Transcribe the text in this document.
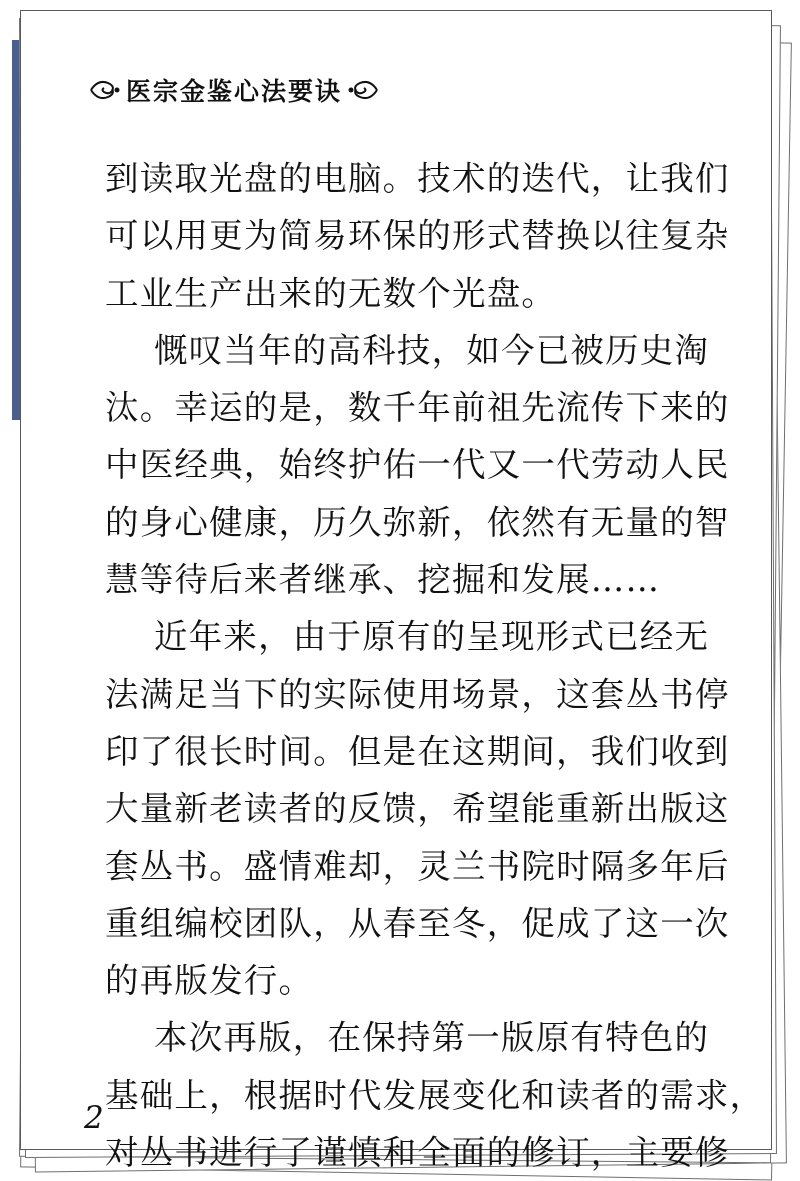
医宗金鉴心法要诀
到读取光盘的电脑。技术的迭代，让我们
可以用更为简易环保的形式替换以往复杂
工业生产出来的无数个光盘。
慨叹当年的高科技，如今已被历史淘
汰。幸运的是，数千年前祖先流传下来的
中医经典，始终护佑一代又一代劳动人民
的身心健康，历久弥新，依然有无量的智
慧等待后来者继承、挖掘和发展……
近年来，由于原有的呈现形式已经无
法满足当下的实际使用场景，这套丛书停
印了很长时间。但是在这期间，我们收到
大量新老读者的反馈，希望能重新出版这
套丛书。盛情难却，灵兰书院时隔多年后
重组编校团队，从春至冬，促成了这一次
的再版发行。
本次再版，在保持第一版原有特色的
基础上，根据时代发展变化和读者的需求，
对丛书进行了谨慎和全面的修订，主要修
2
